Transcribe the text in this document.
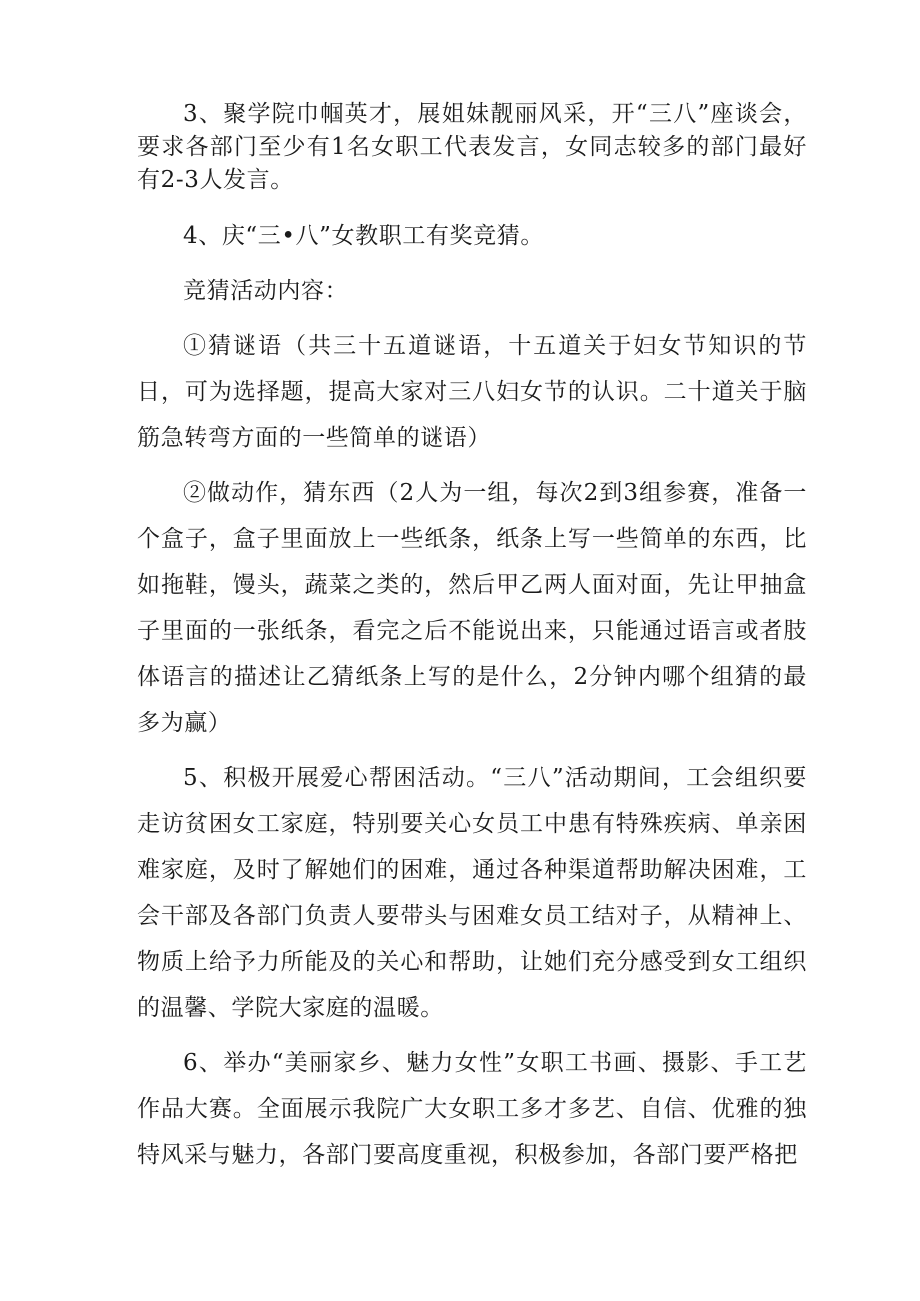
3、聚学院巾帼英才，展姐妹靓丽风采，开“三八”座谈会，要求各部门至少有1名女职工代表发言，女同志较多的部门最好有2-3人发言。

4、庆“三•八”女教职工有奖竞猜。

竞猜活动内容：

①猜谜语（共三十五道谜语，十五道关于妇女节知识的节日，可为选择题，提高大家对三八妇女节的认识。二十道关于脑筋急转弯方面的一些简单的谜语）

②做动作，猜东西（2人为一组，每次2到3组参赛，准备一个盒子，盒子里面放上一些纸条，纸条上写一些简单的东西，比如拖鞋，馒头，蔬菜之类的，然后甲乙两人面对面，先让甲抽盒子里面的一张纸条，看完之后不能说出来，只能通过语言或者肢体语言的描述让乙猜纸条上写的是什么，2分钟内哪个组猜的最多为赢）

5、积极开展爱心帮困活动。“三八”活动期间，工会组织要走访贫困女工家庭，特别要关心女员工中患有特殊疾病、单亲困难家庭，及时了解她们的困难，通过各种渠道帮助解决困难，工会干部及各部门负责人要带头与困难女员工结对子，从精神上、物质上给予力所能及的关心和帮助，让她们充分感受到女工组织的温馨、学院大家庭的温暖。

6、举办“美丽家乡、魅力女性”女职工书画、摄影、手工艺作品大赛。全面展示我院广大女职工多才多艺、自信、优雅的独特风采与魅力，各部门要高度重视，积极参加，各部门要严格把
